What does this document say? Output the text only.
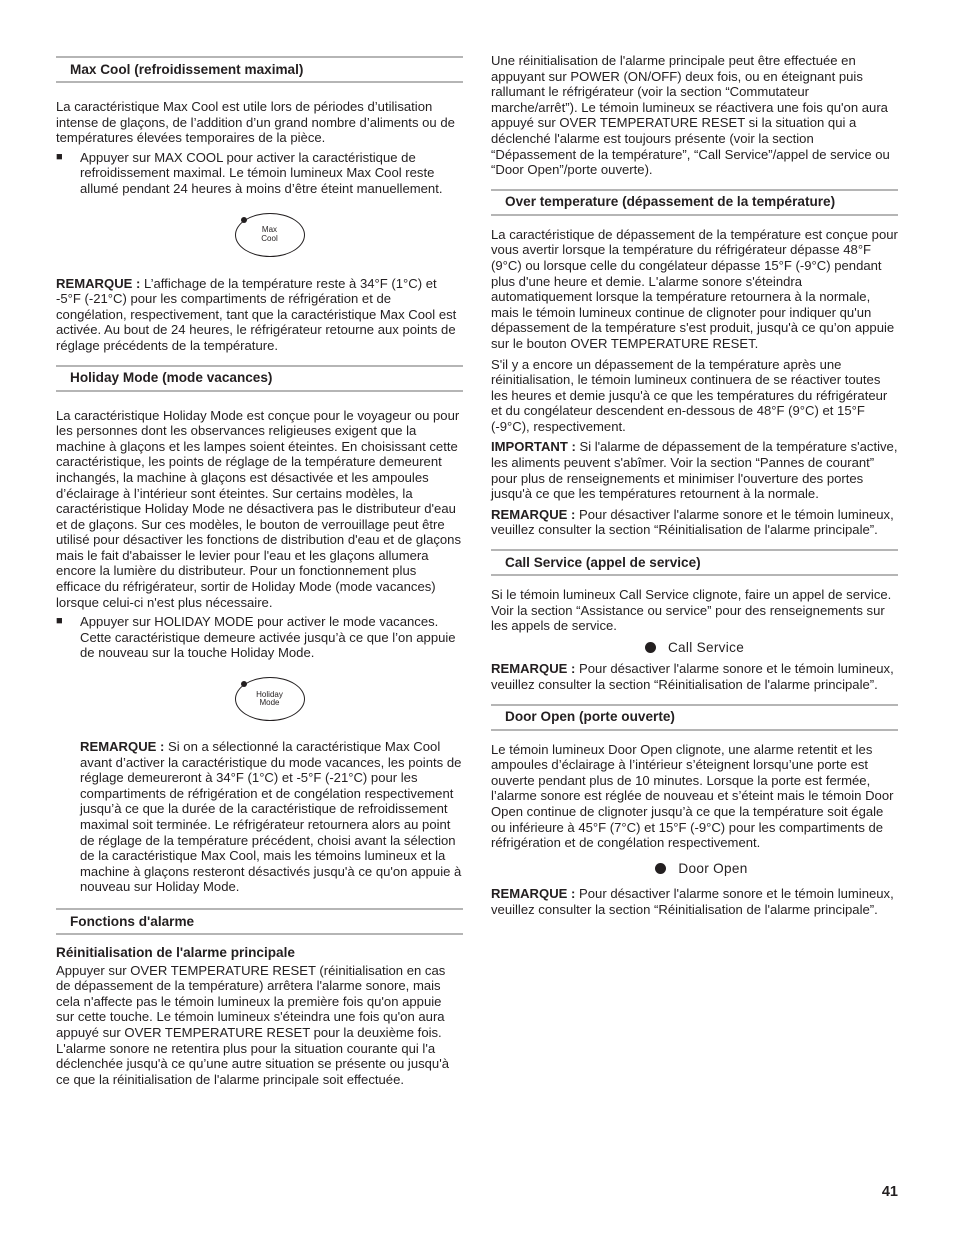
Max Cool (refroidissement maximal)

La caractéristique Max Cool est utile lors de périodes d’utilisation intense de glaçons, de l’addition d’un grand nombre d’aliments ou de températures élevées temporaires de la pièce.

■	Appuyer sur MAX COOL pour activer la caractéristique de refroidissement maximal. Le témoin lumineux Max Cool reste allumé pendant 24 heures à moins d’être éteint manuellement.
Max
Cool

REMARQUE : L’affichage de la température reste à 34°F (1°C) et -5°F (-21°C) pour les compartiments de réfrigération et de congélation, respectivement, tant que la caractéristique Max Cool est activée. Au bout de 24 heures, le réfrigérateur retourne aux points de réglage précédents de la température.

Holiday Mode (mode vacances)

La caractéristique Holiday Mode est conçue pour le voyageur ou pour les personnes dont les observances religieuses exigent que la machine à glaçons et les lampes soient éteintes. En choisissant cette caractéristique, les points de réglage de la température demeurent inchangés, la machine à glaçons est désactivée et les ampoules d’éclairage à l’intérieur sont éteintes. Sur certains modèles, la caractéristique Holiday Mode ne désactivera pas le distributeur d'eau et de glaçons. Sur ces modèles, le bouton de verrouillage peut être utilisé pour désactiver les fonctions de distribution d'eau et de glaçons mais le fait d'abaisser le levier pour l'eau et les glaçons allumera encore la lumière du distributeur. Pour un fonctionnement plus efficace du réfrigérateur, sortir de Holiday Mode (mode vacances) lorsque celui-ci n'est plus nécessaire.

■	Appuyer sur HOLIDAY MODE pour activer le mode vacances. Cette caractéristique demeure activée jusqu’à ce que l’on appuie de nouveau sur la touche Holiday Mode.
Holiday
Mode

REMARQUE : Si on a sélectionné la caractéristique Max Cool avant d’activer la caractéristique du mode vacances, les points de réglage demeureront à 34°F (1°C) et -5°F (-21°C) pour les compartiments de réfrigération et de congélation respectivement jusqu’à ce que la durée de la caractéristique de refroidissement maximal soit terminée. Le réfrigérateur retournera alors au point de réglage de la température précédent, choisi avant la sélection de la caractéristique Max Cool, mais les témoins lumineux et la machine à glaçons resteront désactivés jusqu'à ce qu'on appuie à nouveau sur Holiday Mode.

Fonctions d'alarme

Réinitialisation de l'alarme principale

Appuyer sur OVER TEMPERATURE RESET (réinitialisation en cas de dépassement de la température) arrêtera l'alarme sonore, mais cela n'affecte pas le témoin lumineux la première fois qu'on appuie sur cette touche. Le témoin lumineux s'éteindra une fois qu'on aura appuyé sur OVER TEMPERATURE RESET pour la deuxième fois. L'alarme sonore ne retentira plus pour la situation courante qui l'a déclenchée jusqu'à ce qu’une autre situation se présente ou jusqu'à ce que la réinitialisation de l'alarme principale soit effectuée.

Une réinitialisation de l'alarme principale peut être effectuée en appuyant sur POWER (ON/OFF) deux fois, ou en éteignant puis rallumant le réfrigérateur (voir la section “Commutateur marche/arrêt”). Le témoin lumineux se réactivera une fois qu'on aura appuyé sur OVER TEMPERATURE RESET si la situation qui a déclenché l'alarme est toujours présente (voir la section “Dépassement de la température”, “Call Service”/appel de service ou “Door Open”/porte ouverte).

Over temperature (dépassement de la température)

La caractéristique de dépassement de la température est conçue pour vous avertir lorsque la température du réfrigérateur dépasse 48°F (9°C) ou lorsque celle du congélateur dépasse 15°F (-9°C) pendant plus d'une heure et demie. L'alarme sonore s'éteindra automatiquement lorsque la température retournera à la normale, mais le témoin lumineux continue de clignoter pour indiquer qu'un dépassement de la température s'est produit, jusqu'à ce qu’on appuie sur le bouton OVER TEMPERATURE RESET.

S'il y a encore un dépassement de la température après une réinitialisation, le témoin lumineux continuera de se réactiver toutes les heures et demie jusqu'à ce que les températures du réfrigérateur et du congélateur descendent en-dessous de 48°F (9°C) et 15°F (-9°C), respectivement.

IMPORTANT : Si l'alarme de dépassement de la température s'active, les aliments peuvent s'abîmer. Voir la section “Pannes de courant” pour plus de renseignements et minimiser l'ouverture des portes jusqu'à ce que les températures retournent à la normale.

REMARQUE : Pour désactiver l'alarme sonore et le témoin lumineux, veuillez consulter la section “Réinitialisation de l'alarme principale”.

Call Service (appel de service)

Si le témoin lumineux Call Service clignote, faire un appel de service. Voir la section “Assistance ou service” pour des renseignements sur les appels de service.

Call Service

REMARQUE : Pour désactiver l'alarme sonore et le témoin lumineux, veuillez consulter la section “Réinitialisation de l'alarme principale”.

Door Open (porte ouverte)

Le témoin lumineux Door Open clignote, une alarme retentit et les ampoules d’éclairage à l’intérieur s’éteignent lorsqu’une porte est ouverte pendant plus de 10 minutes. Lorsque la porte est fermée, l’alarme sonore est réglée de nouveau et s’éteint mais le témoin Door Open continue de clignoter jusqu’à ce que la température soit égale ou inférieure à 45°F (7°C) et 15°F (-9°C) pour les compartiments de réfrigération et de congélation respectivement.

Door Open

REMARQUE : Pour désactiver l'alarme sonore et le témoin lumineux, veuillez consulter la section “Réinitialisation de l'alarme principale”.

41
